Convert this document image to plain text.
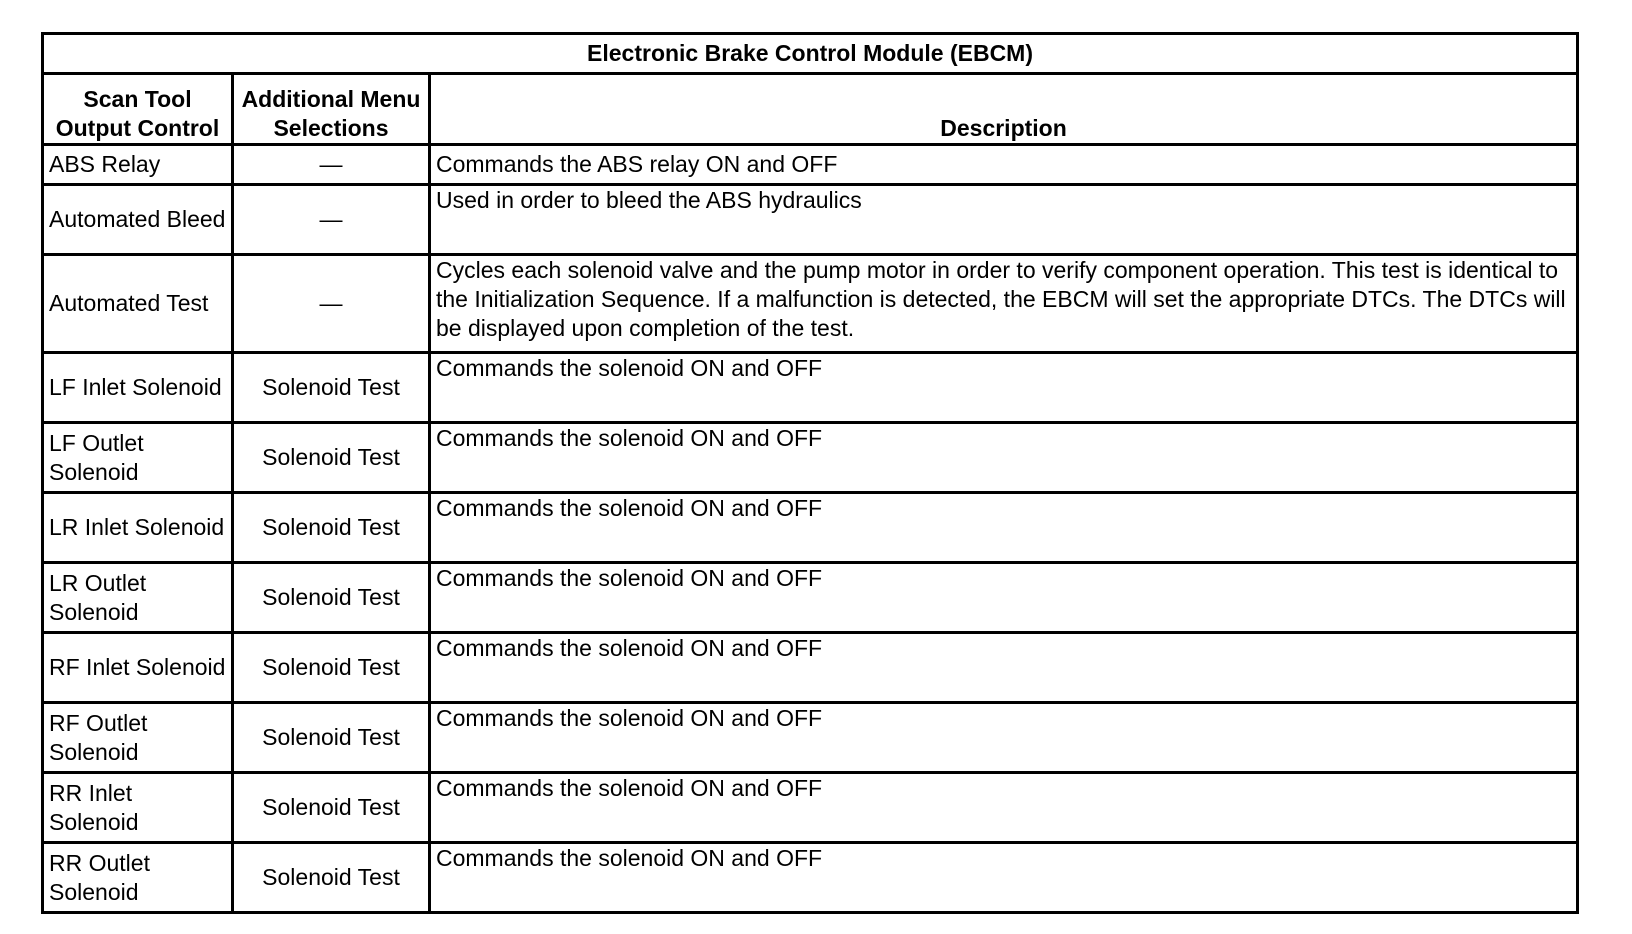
Electronic Brake Control Module (EBCM)		
Scan Tool Output Control	Additional Menu Selections	Description
ABS Relay	—	Commands the ABS relay ON and OFF
Automated Bleed	—	Used in order to bleed the ABS hydraulics
Automated Test	—	Cycles each solenoid valve and the pump motor in order to verify component operation. This test is identical to the Initialization Sequence. If a malfunction is detected, the EBCM will set the appropriate DTCs. The DTCs will be displayed upon completion of the test.
LF Inlet Solenoid	Solenoid Test	Commands the solenoid ON and OFF
LF Outlet Solenoid	Solenoid Test	Commands the solenoid ON and OFF
LR Inlet Solenoid	Solenoid Test	Commands the solenoid ON and OFF
LR Outlet Solenoid	Solenoid Test	Commands the solenoid ON and OFF
RF Inlet Solenoid	Solenoid Test	Commands the solenoid ON and OFF
RF Outlet Solenoid	Solenoid Test	Commands the solenoid ON and OFF
RR Inlet Solenoid	Solenoid Test	Commands the solenoid ON and OFF
RR Outlet Solenoid	Solenoid Test	Commands the solenoid ON and OFF
